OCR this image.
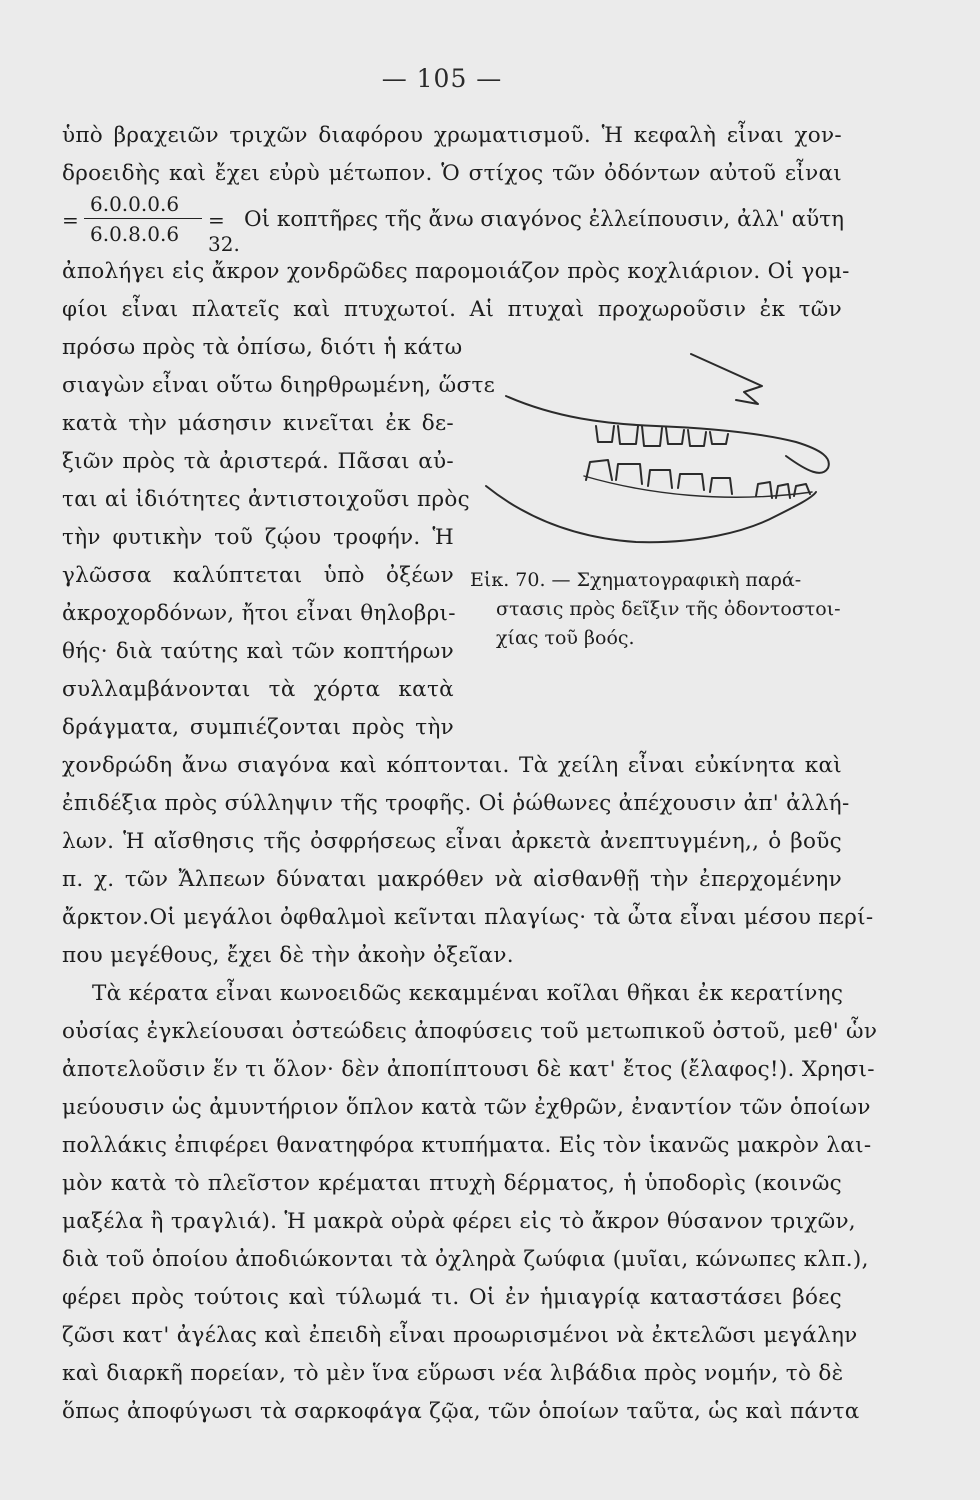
— 105 —
ὑπὸ βραχειῶν τριχῶν διαφόρου χρωματισμοῦ. Ἡ κεφαλὴ εἶναι χον-
δροειδὴς καὶ ἔχει εὐρὺ μέτωπον. Ὁ στίχος τῶν ὀδόντων αὐτοῦ εἶναι
=
6.0.0.0.6
6.0.8.0.6
= 32.
Οἱ κοπτῆρες τῆς ἄνω σιαγόνος ἐλλείπουσιν, ἀλλ' αὕτη
ἀπολήγει εἰς ἄκρον χονδρῶδες παρομοιάζον πρὸς κοχλιάριον. Οἱ γομ-
φίοι εἶναι πλατεῖς καὶ πτυχωτοί. Αἱ πτυχαὶ προχωροῦσιν ἐκ τῶν
πρόσω πρὸς τὰ ὀπίσω, διότι ἡ κάτω
σιαγὼν εἶναι οὕτω διηρθρωμένη, ὥστε
κατὰ τὴν μάσησιν κινεῖται ἐκ δε-
ξιῶν πρὸς τὰ ἀριστερά. Πᾶσαι αὐ-
ται αἱ ἰδιότητες ἀντιστοιχοῦσι πρὸς
τὴν φυτικὴν τοῦ ζῴου τροφήν. Ἡ
γλῶσσα καλύπτεται ὑπὸ ὀξέων
ἀκροχορδόνων, ἤτοι εἶναι θηλοβρι-
θής· διὰ ταύτης καὶ τῶν κοπτήρων
συλλαμβάνονται τὰ χόρτα κατὰ
δράγματα, συμπιέζονται πρὸς τὴν
Εἰκ. 70. — Σχηματογραφικὴ παρά-
στασις πρὸς δεῖξιν τῆς ὀδοντοστοι-
χίας τοῦ βοός.
χονδρώδη ἄνω σιαγόνα καὶ κόπτονται. Τὰ χείλη εἶναι εὐκίνητα καὶ
ἐπιδέξια πρὸς σύλληψιν τῆς τροφῆς. Οἱ ῥώθωνες ἀπέχουσιν ἀπ' ἀλλή-
λων. Ἡ αἴσθησις τῆς ὀσφρήσεως εἶναι ἀρκετὰ ἀνεπτυγμένη,, ὁ βοῦς
π. χ. τῶν Ἄλπεων δύναται μακρόθεν νὰ αἰσθανθῇ τὴν ἐπερχομένην
ἄρκτον.Οἱ μεγάλοι ὀφθαλμοὶ κεῖνται πλαγίως· τὰ ὦτα εἶναι μέσου περί-
που μεγέθους, ἔχει δὲ τὴν ἀκοὴν ὀξεῖαν.
Τὰ κέρατα εἶναι κωνοειδῶς κεκαμμέναι κοῖλαι θῆκαι ἐκ κερατίνης
οὐσίας ἐγκλείουσαι ὀστεώδεις ἀποφύσεις τοῦ μετωπικοῦ ὀστοῦ, μεθ' ὧν
ἀποτελοῦσιν ἕν τι ὅλον· δὲν ἀποπίπτουσι δὲ κατ' ἔτος (ἔλαφος!). Χρησι-
μεύουσιν ὡς ἀμυντήριον ὅπλον κατὰ τῶν ἐχθρῶν, ἐναντίον τῶν ὁποίων
πολλάκις ἐπιφέρει θανατηφόρα κτυπήματα. Εἰς τὸν ἱκανῶς μακρὸν λαι-
μὸν κατὰ τὸ πλεῖστον κρέμαται πτυχὴ δέρματος, ἡ ὑποδορὶς (κοινῶς
μαξέλα ἢ τραγλιά). Ἡ μακρὰ οὐρὰ φέρει εἰς τὸ ἄκρον θύσανον τριχῶν,
διὰ τοῦ ὁποίου ἀποδιώκονται τὰ ὀχληρὰ ζωύφια (μυῖαι, κώνωπες κλπ.),
φέρει πρὸς τούτοις καὶ τύλωμά τι. Οἱ ἐν ἡμιαγρίᾳ καταστάσει βόες
ζῶσι κατ' ἀγέλας καὶ ἐπειδὴ εἶναι προωρισμένοι νὰ ἐκτελῶσι μεγάλην
καὶ διαρκῆ πορείαν, τὸ μὲν ἵνα εὕρωσι νέα λιβάδια πρὸς νομήν, τὸ δὲ
ὅπως ἀποφύγωσι τὰ σαρκοφάγα ζῷα, τῶν ὁποίων ταῦτα, ὡς καὶ πάντα
